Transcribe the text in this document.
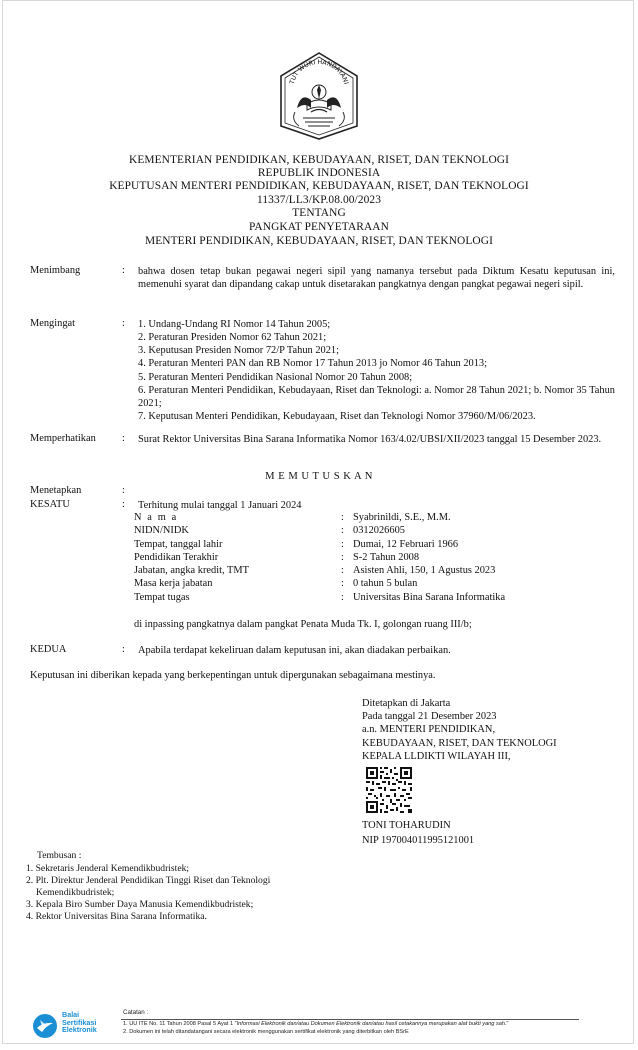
TUT WURI HANDAYANI
KEMENTERIAN PENDIDIKAN, KEBUDAYAAN, RISET, DAN TEKNOLOGI
REPUBLIK INDONESIA
KEPUTUSAN MENTERI PENDIDIKAN, KEBUDAYAAN, RISET, DAN TEKNOLOGI
11337/LL3/KP.08.00/2023
TENTANG
PANGKAT PENYETARAAN
MENTERI PENDIDIKAN, KEBUDAYAAN, RISET, DAN TEKNOLOGI
Menimbang	: bahwa dosen tetap bukan pegawai negeri sipil yang namanya tersebut pada Diktum Kesatu keputusan ini, memenuhi syarat dan dipandang cakap untuk disetarakan pangkatnya dengan pangkat pegawai negeri sipil.
Mengingat	: 1. Undang-Undang RI Nomor 14 Tahun 2005;
2. Peraturan Presiden Nomor 62 Tahun 2021;
3. Keputusan Presiden Nomor 72/P Tahun 2021;
4. Peraturan Menteri PAN dan RB Nomor 17 Tahun 2013 jo Nomor 46 Tahun 2013;
5. Peraturan Menteri Pendidikan Nasional Nomor 20 Tahun 2008;
6. Peraturan Menteri Pendidikan, Kebudayaan, Riset dan Teknologi: a. Nomor 28 Tahun 2021; b. Nomor 35 Tahun 2021;
7. Keputusan Menteri Pendidikan, Kebudayaan, Riset dan Teknologi Nomor 37960/M/06/2023.
Memperhatikan	: Surat Rektor Universitas Bina Sarana Informatika Nomor 163/4.02/UBSI/XII/2023 tanggal 15 Desember 2023.
M E M U T U S K A N
Menetapkan	:
KESATU	: Terhitung mulai tanggal 1 Januari 2024
N a m a	: Syabrinildi, S.E., M.M.
NIDN/NIDK	: 0312026605
Tempat, tanggal lahir	: Dumai, 12 Februari 1966
Pendidikan Terakhir	: S-2 Tahun 2008
Jabatan, angka kredit, TMT	: Asisten Ahli, 150, 1 Agustus 2023
Masa kerja jabatan	: 0 tahun 5 bulan
Tempat tugas	: Universitas Bina Sarana Informatika
di inpassing pangkatnya dalam pangkat Penata Muda Tk. I, golongan ruang III/b;
KEDUA	: Apabila terdapat kekeliruan dalam keputusan ini, akan diadakan perbaikan.
Keputusan ini diberikan kepada yang berkepentingan untuk dipergunakan sebagaimana mestinya.
Ditetapkan di Jakarta
Pada tanggal 21 Desember 2023
a.n. MENTERI PENDIDIKAN,
KEBUDAYAAN, RISET, DAN TEKNOLOGI
KEPALA LLDIKTI WILAYAH III,
TONI TOHARUDIN
NIP 197004011995121001
Tembusan :
1. Sekretaris Jenderal Kemendikbudristek;
2. Plt. Direktur Jenderal Pendidikan Tinggi Riset dan Teknologi
Kemendikbudristek;
3. Kepala Biro Sumber Daya Manusia Kemendikbudristek;
4. Rektor Universitas Bina Sarana Informatika.
Balai
Sertifikasi
Elektronik
Catatan :
1. UU ITE No. 11 Tahun 2008 Pasal 5 Ayat 1 "Informasi Elektronik dan/atau Dokumen Elektronik dan/atau hasil cetakannya merupakan alat bukti yang sah."
2. Dokumen ini telah ditandatangani secara elektronik menggunakan sertifikat elektronik yang diterbitkan oleh BSrE
